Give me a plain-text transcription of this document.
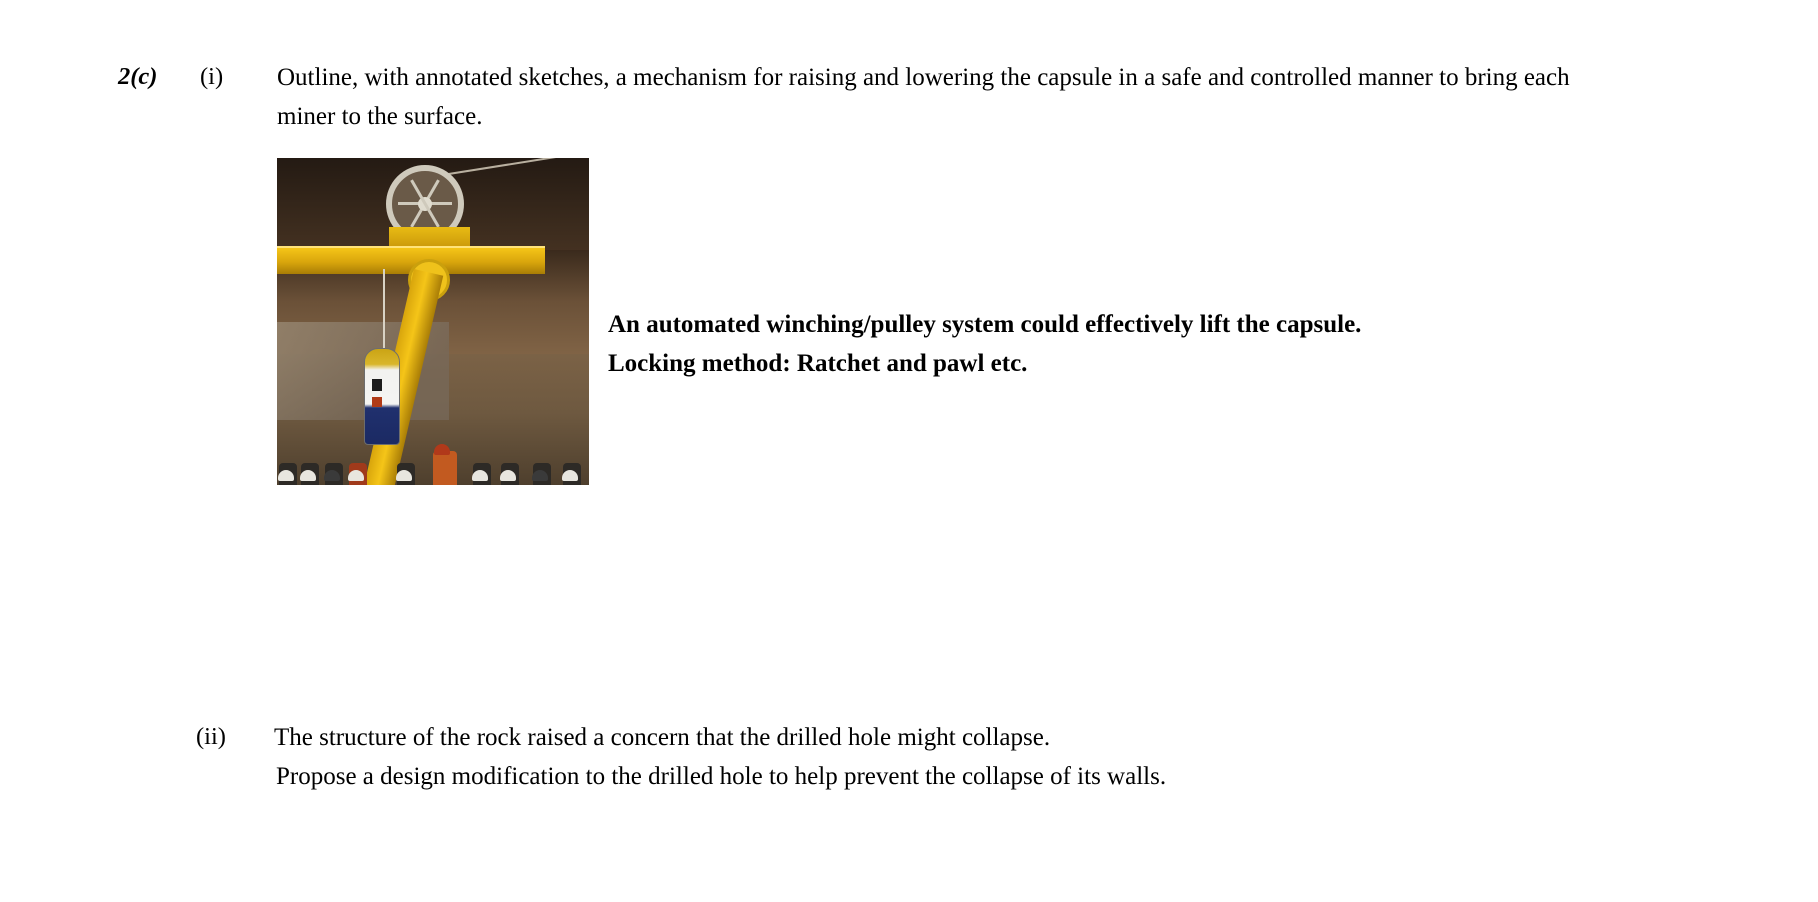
2(c) (i) Outline, with annotated sketches, a mechanism for raising and lowering the capsule in a safe and controlled manner to bring each miner to the surface.
An automated winching/pulley system could effectively lift the capsule.
Locking method: Ratchet and pawl etc.
(ii) The structure of the rock raised a concern that the drilled hole might collapse.
Propose a design modification to the drilled hole to help prevent the collapse of its walls.
